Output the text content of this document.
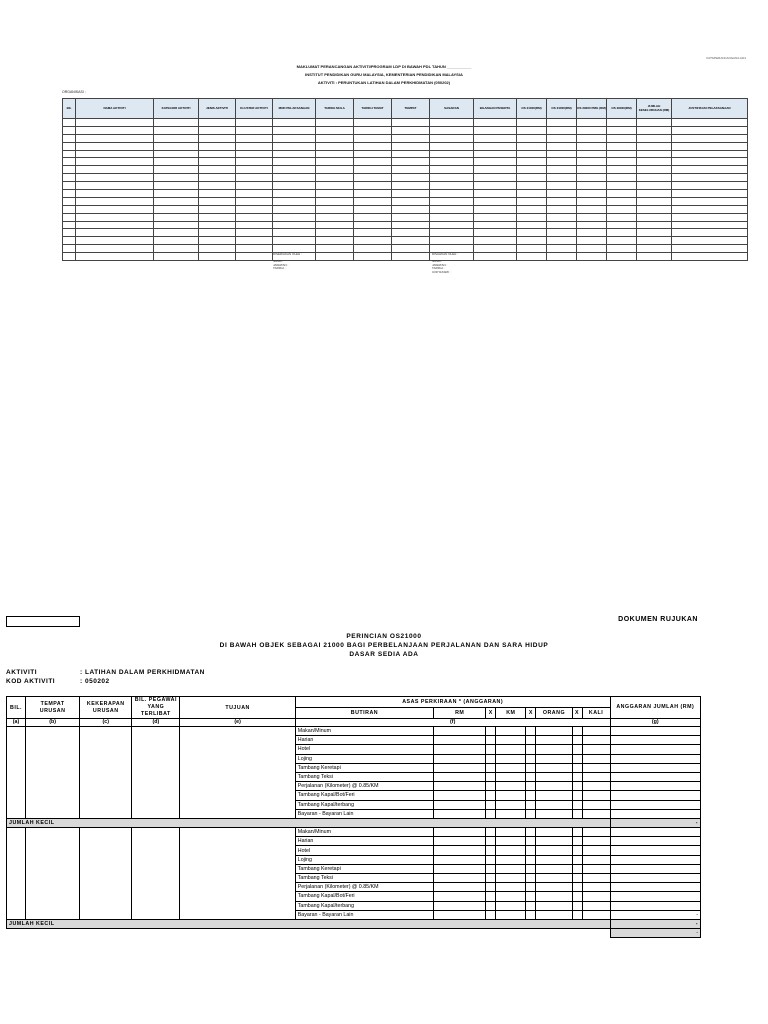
ICPS/PERANCANGAN/LA/01
MAKLUMAT PERANCANGAN AKTIVITI/PROGRAM LDP DI BAWAH PDL TAHUN ___________
INSTITUT PENDIDIKAN GURU MALAYSIA, KEMENTERIAN PENDIDIKAN MALAYSIA
AKTIVITI : PERUNTUKAN LATIHAN DALAM PERKHIDMATAN (050202)
ORGANISASI :
BIL	NAMA AKTIVITI	KATEGORI AKTIVITI	JENIS AKTIVITI	KLUSTER AKTIVITI	MOD PELAKSANAAN	TARIKH MULA	TARIKH TAMAT	TEMPAT	SASARAN	BILANGAN PESERTA	OS 21000(RM)	OS 24000(RM)	OS 29000 PMG (RM)	OS 29000(RM)	JUMLAH KESELURUHAN (RM)	JUSTIFIKASI PELAKSANAAN

DISEDIAKAN OLEH :
NAMA :
JAWATAN :
TARIKH :
DISAHKAN OLEH :
NAMA :
JAWATAN :
TARIKH :
COP RASMI :
DOKUMEN RUJUKAN
PERINCIAN OS21000
DI BAWAH OBJEK SEBAGAI 21000 BAGI PERBELANJAAN PERJALANAN DAN SARA HIDUP
DASAR SEDIA ADA
AKTIVITI	: LATIHAN DALAM PERKHIDMATAN
KOD AKTIVITI	: 050202
BIL.	TEMPAT URUSAN	KEKERAPAN URUSAN	BIL. PEGAWAI YANG TERLIBAT	TUJUAN	ASAS PERKIRAAN * (ANGGARAN)								ANGGARAN JUMLAH (RM)
					BUTIRAN	RM	X	KM	X	ORANG	X	KALI	
(a)	(b)	(c)	(d)	(e)	(f)								(g)
					Makan/Minum								
					Harian								
					Hotel								
					Lojing								
					Tambang Keretapi								
					Tambang Teksi								
					Perjalanan (Kilometer) @ 0.85/KM								
					Tambang Kapal/Bot/Feri								
					Tambang Kapal/terbang								
					Bayaran - Bayaran Lain								
JUMLAH KECIL													-
					Makan/Minum								
					Harian								
					Hotel								
					Lojing								
					Tambang Keretapi								
					Tambang Teksi								
					Perjalanan (Kilometer) @ 0.85/KM								
					Tambang Kapal/Bot/Feri								
					Tambang Kapal/terbang								
					Bayaran - Bayaran Lain								-
JUMLAH KECIL													-
													-
